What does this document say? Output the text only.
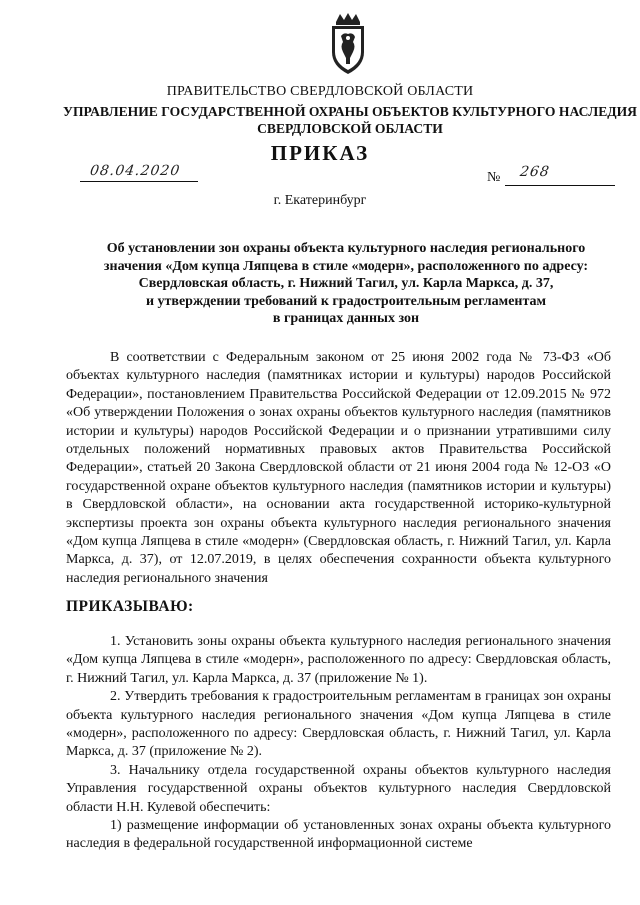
ПРАВИТЕЛЬСТВО СВЕРДЛОВСКОЙ ОБЛАСТИ
УПРАВЛЕНИЕ ГОСУДАРСТВЕННОЙ ОХРАНЫ ОБЪЕКТОВ КУЛЬТУРНОГО НАСЛЕДИЯ
СВЕРДЛОВСКОЙ ОБЛАСТИ
ПРИКАЗ
08.04.2020	№ 268
г. Екатеринбург
Об установлении зон охраны объекта культурного наследия регионального
значения «Дом купца Ляпцева в стиле «модерн», расположенного по адресу:
Свердловская область, г. Нижний Тагил, ул. Карла Маркса, д. 37,
и утверждении требований к градостроительным регламентам
в границах данных зон
В соответствии с Федеральным законом от 25 июня 2002 года № 73-ФЗ «Об объектах культурного наследия (памятниках истории и культуры) народов Российской Федерации», постановлением Правительства Российской Федерации от 12.09.2015 № 972 «Об утверждении Положения о зонах охраны объектов культурного наследия (памятников истории и культуры) народов Российской Федерации и о признании утратившими силу отдельных положений нормативных правовых актов Правительства Российской Федерации», статьей 20 Закона Свердловской области от 21 июня 2004 года № 12-ОЗ «О государственной охране объектов культурного наследия (памятников истории и культуры) в Свердловской области», на основании акта государственной историко-культурной экспертизы проекта зон охраны объекта культурного наследия регионального значения «Дом купца Ляпцева в стиле «модерн» (Свердловская область, г. Нижний Тагил, ул. Карла Маркса, д. 37), от 12.07.2019, в целях обеспечения сохранности объекта культурного наследия регионального значения
ПРИКАЗЫВАЮ:

1. Установить зоны охраны объекта культурного наследия регионального значения «Дом купца Ляпцева в стиле «модерн», расположенного по адресу: Свердловская область, г. Нижний Тагил, ул. Карла Маркса, д. 37 (приложение № 1).

2. Утвердить требования к градостроительным регламентам в границах зон охраны объекта культурного наследия регионального значения «Дом купца Ляпцева в стиле «модерн», расположенного по адресу: Свердловская область, г. Нижний Тагил, ул. Карла Маркса, д. 37 (приложение № 2).

3. Начальнику отдела государственной охраны объектов культурного наследия Управления государственной охраны объектов культурного наследия Свердловской области Н.Н. Кулевой обеспечить:

1) размещение информации об установленных зонах охраны объекта культурного наследия в федеральной государственной информационной системе
